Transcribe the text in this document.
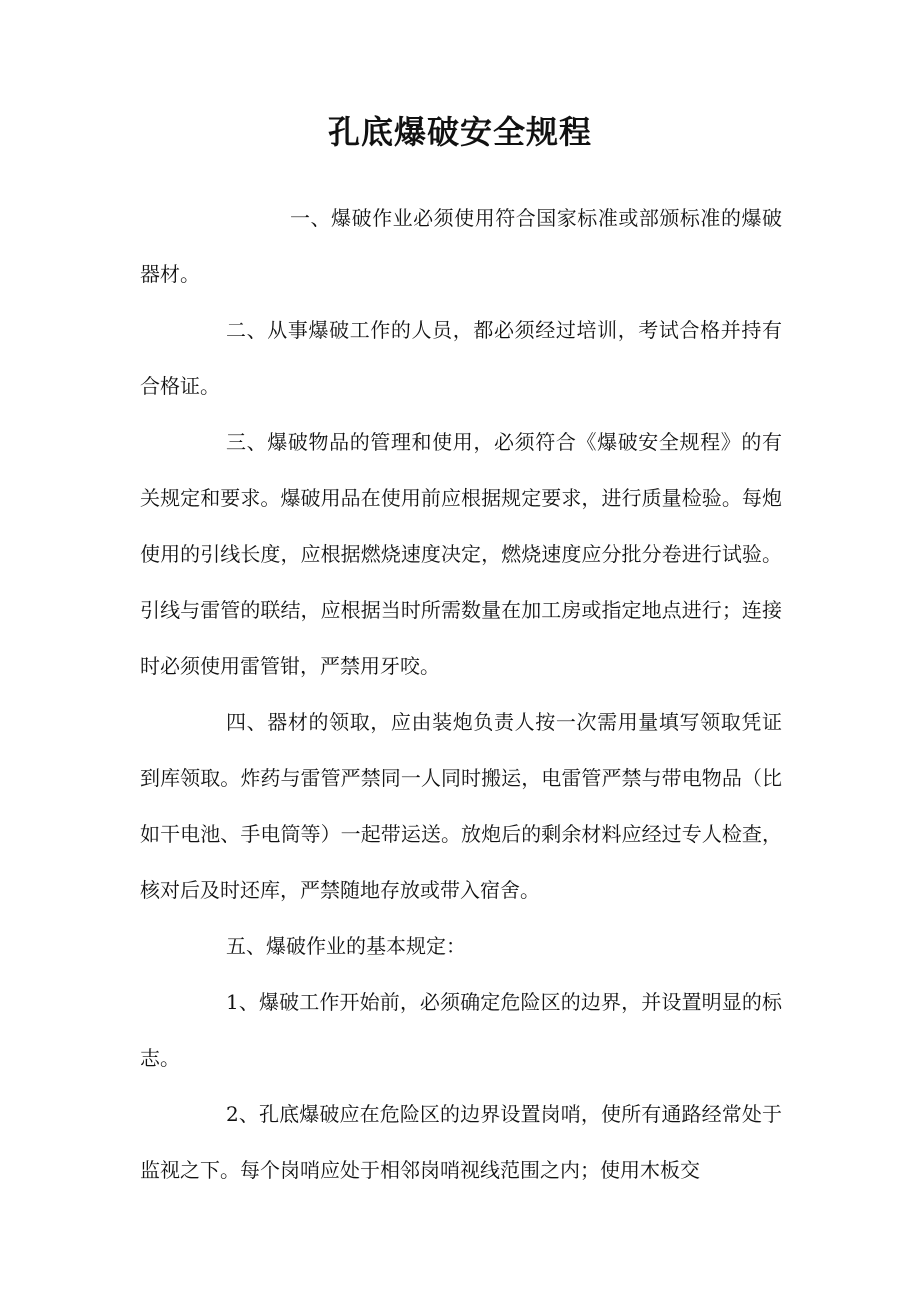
孔底爆破安全规程

一、爆破作业必须使用符合国家标准或部颁标准的爆破器材。

二、从事爆破工作的人员，都必须经过培训，考试合格并持有合格证。

三、爆破物品的管理和使用，必须符合《爆破安全规程》的有关规定和要求。爆破用品在使用前应根据规定要求，进行质量检验。每炮使用的引线长度，应根据燃烧速度决定，燃烧速度应分批分卷进行试验。引线与雷管的联结，应根据当时所需数量在加工房或指定地点进行；连接时必须使用雷管钳，严禁用牙咬。

四、器材的领取，应由装炮负责人按一次需用量填写领取凭证到库领取。炸药与雷管严禁同一人同时搬运，电雷管严禁与带电物品（比如干电池、手电筒等）一起带运送。放炮后的剩余材料应经过专人检查，核对后及时还库，严禁随地存放或带入宿舍。

五、爆破作业的基本规定：

1、爆破工作开始前，必须确定危险区的边界，并设置明显的标志。

2、孔底爆破应在危险区的边界设置岗哨，使所有通路经常处于监视之下。每个岗哨应处于相邻岗哨视线范围之内；使用木板交
